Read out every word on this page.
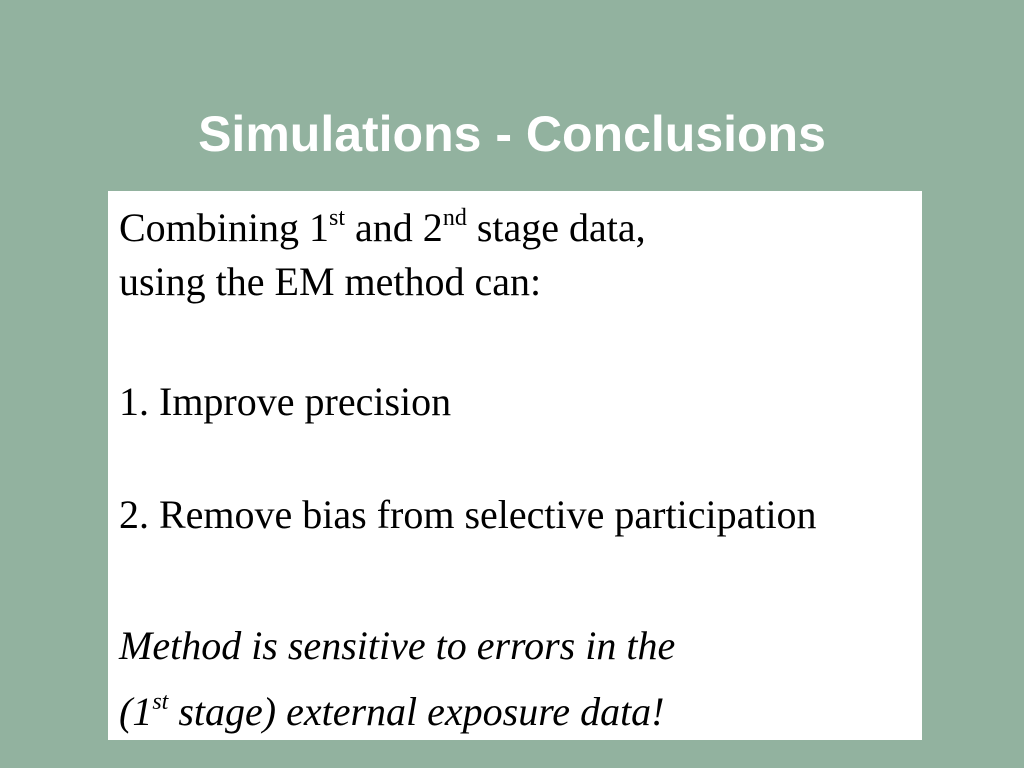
Simulations - Conclusions

Combining 1st and 2nd stage data,

using the EM method can:

1. Improve precision

2. Remove bias from selective participation

Method is sensitive to errors in the

(1st stage) external exposure data!
